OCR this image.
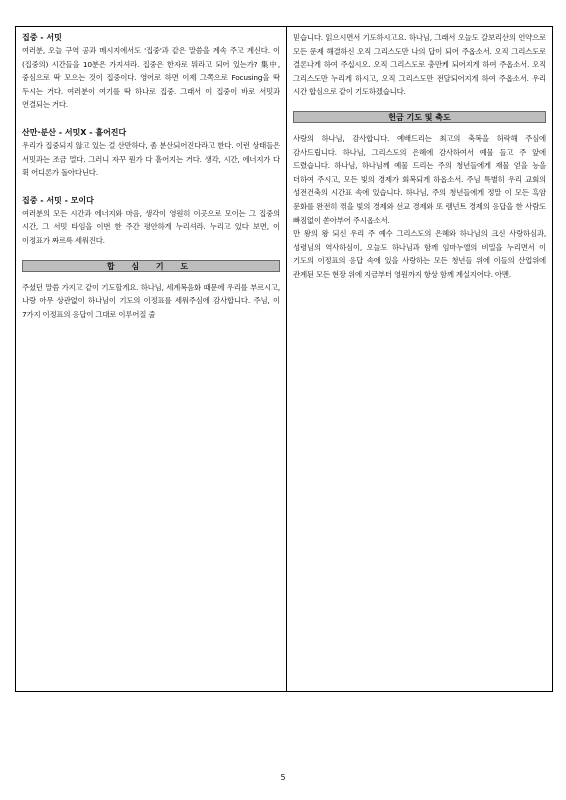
집중 - 서밋

여러분, 오늘 구역 공과 메시지에서도 '집중'과 같은 말씀을 계속 주고 계신다. 이 (집중의) 시간들을 10분은 가지셔라. 집중은 한자로 뭐라고 되어 있는가? 集中, 중심으로 딱 모으는 것이 집중이다. 영어로 하면 이제 그쪽으로 Focusing을 딱 두시는 거다. 여러분이 여기를 딱 하나로 집중. 그래서 이 집중이 바로 서밋과 연결되는 거다.

산만·분산 - 서밋X - 흩어진다

우리가 집중되지 않고 있는 걸 산만하다, 좀 분산되어진다라고 한다. 이런 상태들은 서밋과는 조금 멀다. 그러니 자꾸 뭔가 다 흩어지는 거다. 생각, 시간, 에너지가 다 휙 어디론가 돌아다닌다.

집중 - 서밋 - 모이다

여러분의 모든 시간과 에너지와 마음, 생각이 영원히 이곳으로 모이는 그 집중의 시간, 그 서밋 타임을 이번 한 주간 평안하게 누리셔라. 누리고 있다 보면, 이 이정표가 짜르륵 세워진다.

합 심 기 도

주셨던 말씀 가지고 같이 기도할게요. 하나님, 세계복음화 때문에 우리를 부르시고, 나랑 아무 상관없이 하나님이 기도의 이정표를 세워주심에 감사합니다. 주님, 이 7가지 이정표의 응답이 그대로 이루어질 줄

믿습니다. 읽으시면서 기도하시고요. 하나님, 그래서 오늘도 갈보리산의 언약으로 모든 문제 해결하신 오직 그리스도만 나의 답이 되어 주옵소서. 오직 그리스도로 결론나게 하여 주십시오. 오직 그리스도로 충만케 되어지게 하여 주옵소서. 오직 그리스도만 누리게 하시고, 오직 그리스도만 전달되어지게 하여 주옵소서. 우리 시간 합심으로 같이 기도하겠습니다.

헌금 기도 및 축도

사랑의 하나님, 감사합니다. 예배드리는 최고의 축복을 허락해 주심에 감사드립니다. 하나님, 그리스도의 은혜에 감사하여서 예물 들고 주 앞에 드렸습니다. 하나님, 하나님께 예물 드리는 주의 청년들에게 재물 얻을 능을 더하여 주시고, 모든 빛의 경제가 회복되게 하옵소서. 주님 특별히 우리 교회의 성전건축의 시간표 속에 있습니다. 하나님, 주의 청년들에게 정말 이 모든 흑암 문화를 완전히 꺾을 빛의 경제와 선교 경제와 또 렘넌트 경제의 응답을 한 사람도 빠짐없이 쏟아부어 주시옵소서.

만 왕의 왕 되신 우리 주 예수 그리스도의 은혜와 하나님의 크신 사랑하심과, 성령님의 역사하심이, 오늘도 하나님과 함께 임마누엘의 비밀을 누리면서 이 기도의 이정표의 응답 속에 있을 사랑하는 모든 청년들 위에 이들의 산업위에 관계된 모든 현장 위에 지금부터 영원까지 항상 함께 계실지어다. 아멘.

5
